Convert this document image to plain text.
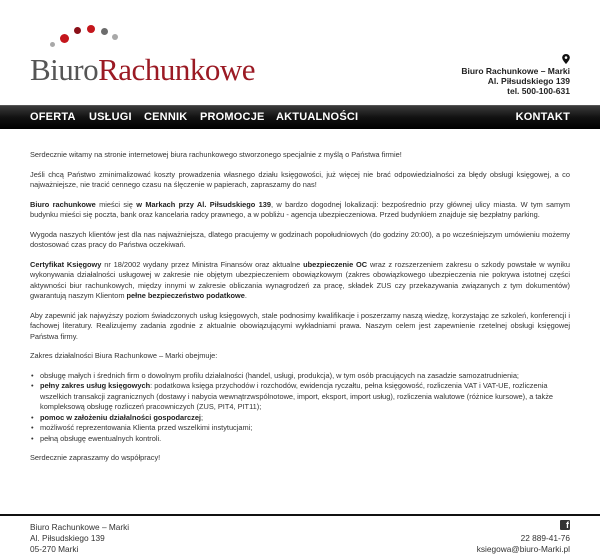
BiuroRachunkowe	Biuro Rachunkowe – Marki
Al. Piłsudskiego 139
tel. 500-100-631
OFERTA USŁUGI CENNIK PROMOCJE AKTUALNOŚCI	KONTAKT

Serdecznie witamy na stronie internetowej biura rachunkowego stworzonego specjalnie z myślą o Państwa firmie!

Jeśli chcą Państwo zminimalizować koszty prowadzenia własnego działu księgowości, już więcej nie brać odpowiedzialności za błędy obsługi księgowej, a co najważniejsze, nie tracić cennego czasu na ślęczenie w papierach, zapraszamy do nas!

Biuro rachunkowe mieści się w Markach przy Al. Piłsudskiego 139, w bardzo dogodnej lokalizacji: bezpośrednio przy głównej ulicy miasta. W tym samym budynku mieści się poczta, bank oraz kancelaria radcy prawnego, a w pobliżu - agencja ubezpieczeniowa. Przed budynkiem znajduje się bezpłatny parking.

Wygoda naszych klientów jest dla nas najważniejsza, dlatego pracujemy w godzinach popołudniowych (do godziny 20:00), a po wcześniejszym umówieniu możemy dostosować czas pracy do Państwa oczekiwań.

Certyfikat Księgowy nr 18/2002 wydany przez Ministra Finansów oraz aktualne ubezpieczenie OC wraz z rozszerzeniem zakresu o szkody powstałe w wyniku wykonywania działalności usługowej w zakresie nie objętym ubezpieczeniem obowiązkowym (zakres obowiązkowego ubezpieczenia nie pokrywa istotnej części aktywności biur rachunkowych, między innymi w zakresie obliczania wynagrodzeń za pracę, składek ZUS czy przekazywania związanych z tym dokumentów) gwarantują naszym Klientom pełne bezpieczeństwo podatkowe.

Aby zapewnić jak najwyższy poziom świadczonych usług księgowych, stale podnosimy kwalifikacje i poszerzamy naszą wiedzę, korzystając ze szkoleń, konferencji i fachowej literatury. Realizujemy zadania zgodnie z aktualnie obowiązującymi wykładniami prawa. Naszym celem jest zapewnienie rzetelnej obsługi księgowej Państwa firmy.

Zakres działalności Biura Rachunkowe – Marki obejmuje:

• obsługę małych i średnich firm o dowolnym profilu działalności (handel, usługi, produkcja), w tym osób pracujących na zasadzie samozatrudnienia;
• pełny zakres usług księgowych: podatkowa księga przychodów i rozchodów, ewidencja ryczałtu, pełna księgowość, rozliczenia VAT i VAT-UE, rozliczenia wszelkich transakcji zagranicznych (dostawy i nabycia wewnątrzwspólnotowe, import, eksport, import usług), rozliczenia walutowe (różnice kursowe), a także kompleksową obsługę rozliczeń pracowniczych (ZUS, PIT4, PIT11);
• pomoc w założeniu działalności gospodarczej;
• możliwość reprezentowania Klienta przed wszelkimi instytucjami;
• pełną obsługę ewentualnych kontroli.

Serdecznie zapraszamy do współpracy!

Biuro Rachunkowe – Marki
Al. Piłsudskiego 139
05-270 Marki
f
22 889-41-76
ksiegowa@biuro-Marki.pl
